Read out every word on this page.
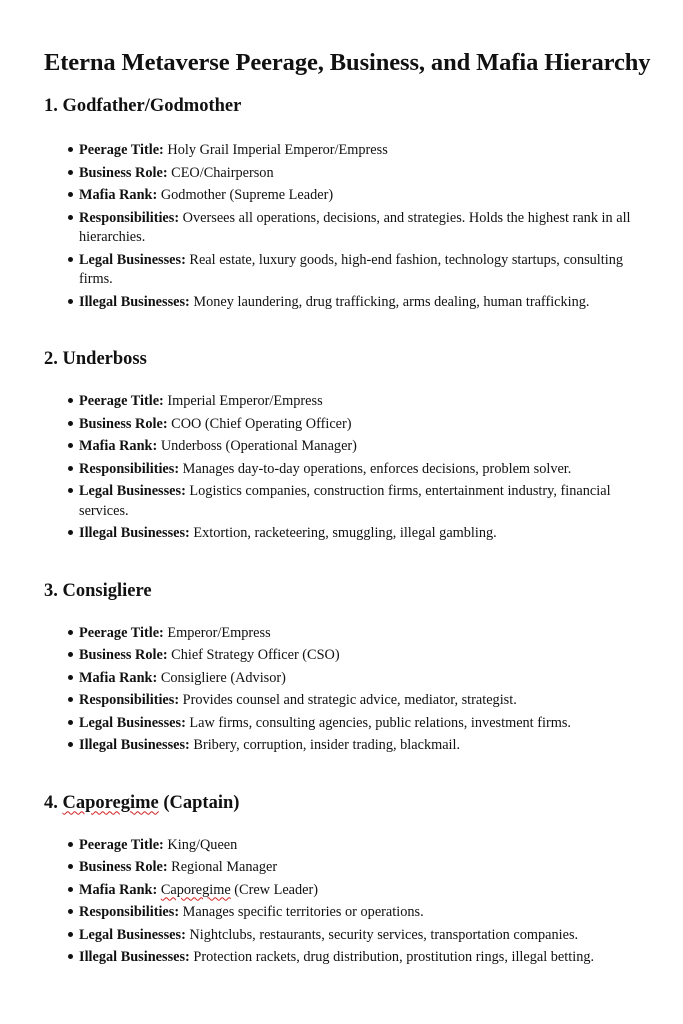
Eterna Metaverse Peerage, Business, and Mafia Hierarchy
1. Godfather/Godmother
Peerage Title: Holy Grail Imperial Emperor/Empress
Business Role: CEO/Chairperson
Mafia Rank: Godmother (Supreme Leader)
Responsibilities: Oversees all operations, decisions, and strategies. Holds the highest rank in all hierarchies.
Legal Businesses: Real estate, luxury goods, high-end fashion, technology startups, consulting firms.
Illegal Businesses: Money laundering, drug trafficking, arms dealing, human trafficking.
2. Underboss
Peerage Title: Imperial Emperor/Empress
Business Role: COO (Chief Operating Officer)
Mafia Rank: Underboss (Operational Manager)
Responsibilities: Manages day-to-day operations, enforces decisions, problem solver.
Legal Businesses: Logistics companies, construction firms, entertainment industry, financial services.
Illegal Businesses: Extortion, racketeering, smuggling, illegal gambling.
3. Consigliere
Peerage Title: Emperor/Empress
Business Role: Chief Strategy Officer (CSO)
Mafia Rank: Consigliere (Advisor)
Responsibilities: Provides counsel and strategic advice, mediator, strategist.
Legal Businesses: Law firms, consulting agencies, public relations, investment firms.
Illegal Businesses: Bribery, corruption, insider trading, blackmail.
4. Caporegime (Captain)
Peerage Title: King/Queen
Business Role: Regional Manager
Mafia Rank: Caporegime (Crew Leader)
Responsibilities: Manages specific territories or operations.
Legal Businesses: Nightclubs, restaurants, security services, transportation companies.
Illegal Businesses: Protection rackets, drug distribution, prostitution rings, illegal betting.
